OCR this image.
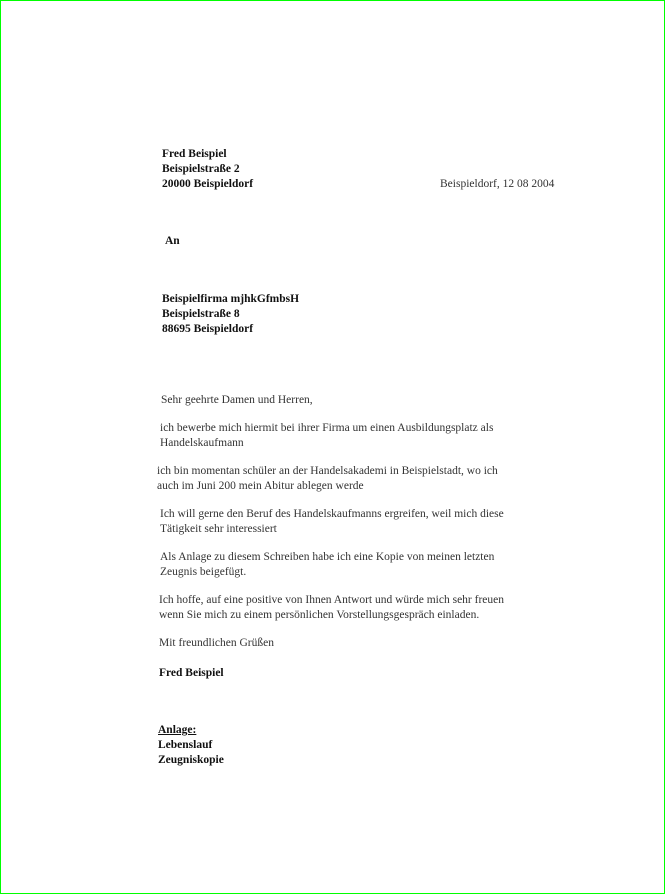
Fred Beispiel
Beispielstraße 2
20000 Beispieldorf	Beispieldorf, 12 08 2004
An
Beispielfirma mjhkGfmbsH
Beispielstraße 8
88695 Beispieldorf
Sehr geehrte Damen und Herren,
ich bewerbe mich hiermit bei ihrer Firma um einen Ausbildungsplatz als
Handelskaufmann
ich bin momentan schüler an der Handelsakademi in Beispielstadt, wo ich
auch im Juni 200 mein Abitur ablegen werde
Ich will gerne den Beruf des Handelskaufmanns ergreifen, weil mich diese
Tätigkeit sehr interessiert
Als Anlage zu diesem Schreiben habe ich eine Kopie von meinen letzten
Zeugnis beigefügt.
Ich hoffe, auf eine positive von Ihnen Antwort und würde mich sehr freuen
wenn Sie mich zu einem persönlichen Vorstellungsgespräch einladen.
Mit freundlichen Grüßen
Fred Beispiel
Anlage:
Lebenslauf
Zeugniskopie
